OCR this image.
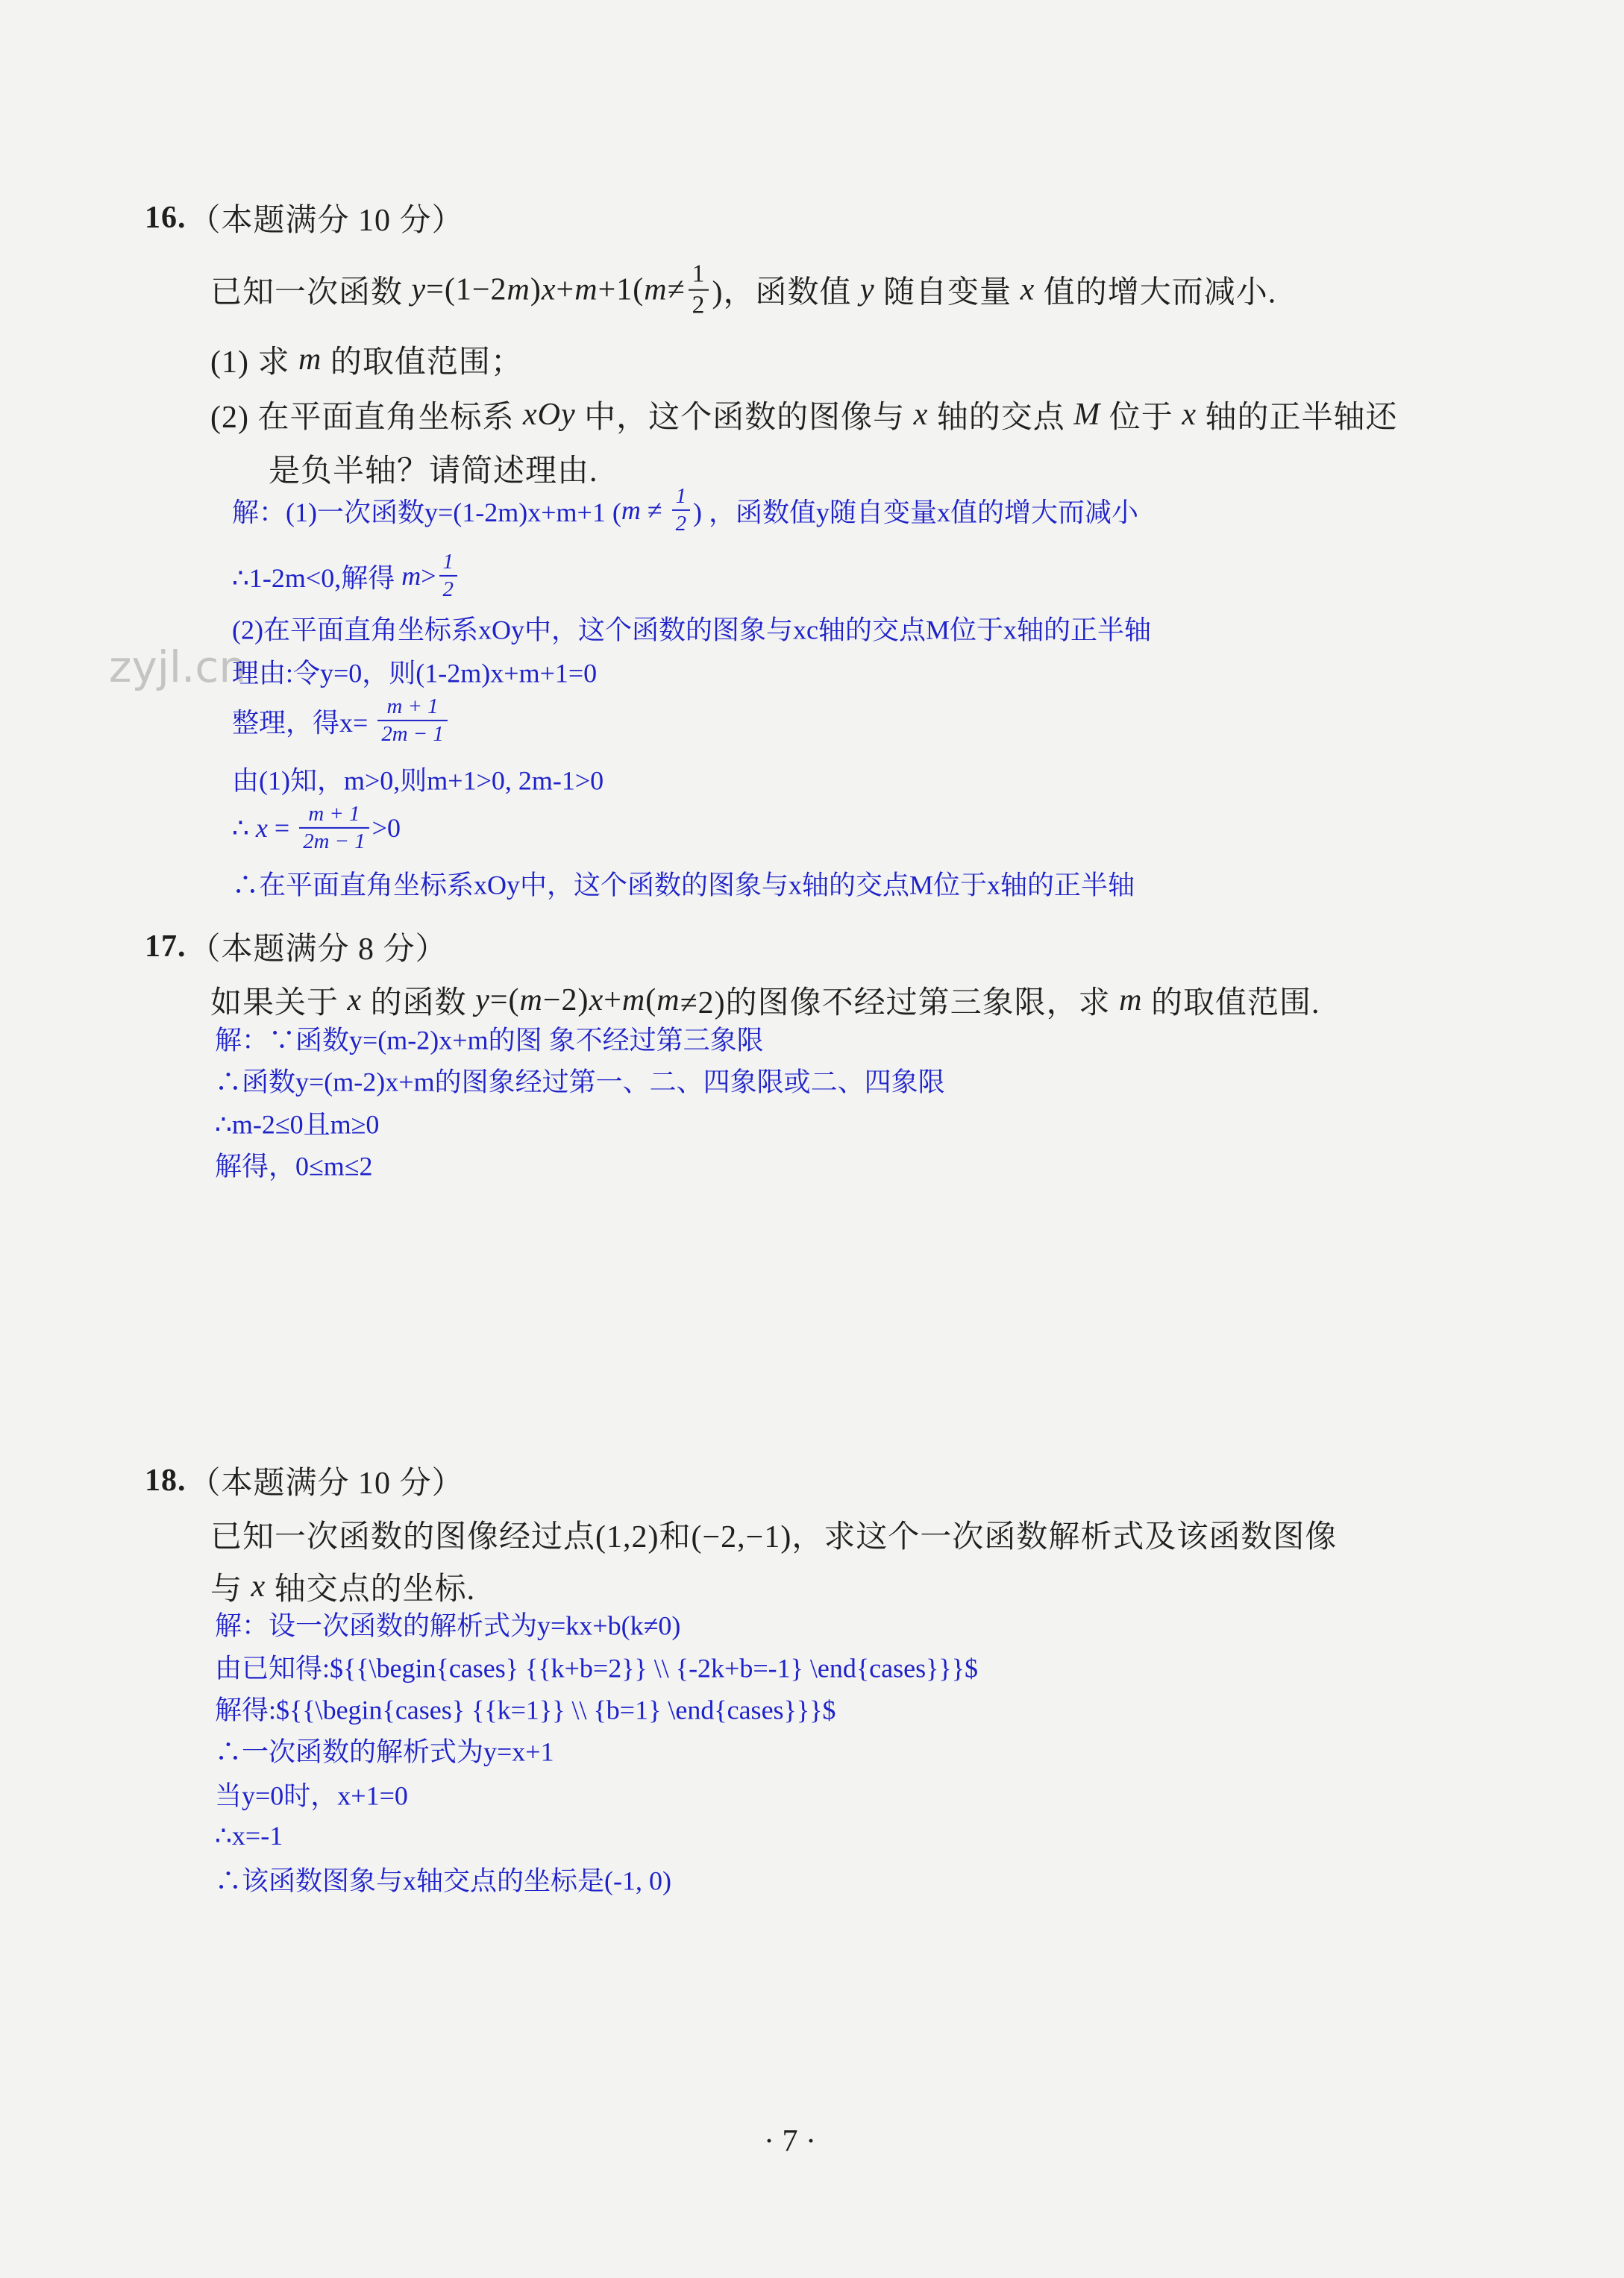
zyjl.cn
16. （本题满分 10 分）
已知一次函数 y =(1−2 m ) x + m +1( $m \ne \frac{1}{2}$ )，函数值 y 随自变量 x 值的增大而减小.
(1) 求 m 的取值范围；
(2) 在平面直角坐标系 xOy 中，这个函数的图像与 x 轴的交点 M 位于 x 轴的正半轴还
是负半轴？请简述理由.
解：(1)一次函数y=(1-2m)x+m+1 ( $m \ne \frac{1}{2}$ ) ，函数值y随自变量x值的增大而减小
∴1-2m<0,解得 $m > \frac{1}{2}$
(2)在平面直角坐标系xOy中，这个函数的图象与xc轴的交点M位于x轴的正半轴
理由:令y=0，则(1-2m)x+m+1=0
整理，得$x= \frac{m + 1}{2m - 1}$
由(1)知，m>0,则m+1>0, 2m-1>0
∴ $x = \frac{m + 1}{2m - 1} >0$
∴在平面直角坐标系xOy中，这个函数的图象与x轴的交点M位于x轴的正半轴
17. （本题满分 8 分）
如果关于 x 的函数 y =( m −2) x + m ( m ≠2)的图像不经过第三象限，求 m 的取值范围.
解：∵函数y=(m-2)x+m的图 象不经过第三象限
∴函数y=(m-2)x+m的图象经过第一、二、四象限或二、四象限
∴m-2≤0且m≥0
解得，0≤m≤2
18. （本题满分 10 分）
已知一次函数的图像经过点(1,2)和(−2,−1)，求这个一次函数解析式及该函数图像
与 x 轴交点的坐标.
解：设一次函数的解析式为y=kx+b(k≠0)
由已知得:${{\begin{cases} {{k+b=2}} \\ {-2k+b=-1} \end{cases}}}$
解得:${{\begin{cases} {{k=1}} \\ {b=1} \end{cases}}}$
∴一次函数的解析式为y=x+1
当y=0时，x+1=0
∴x=-1
∴该函数图象与x轴交点的坐标是(-1, 0)
· 7 ·
